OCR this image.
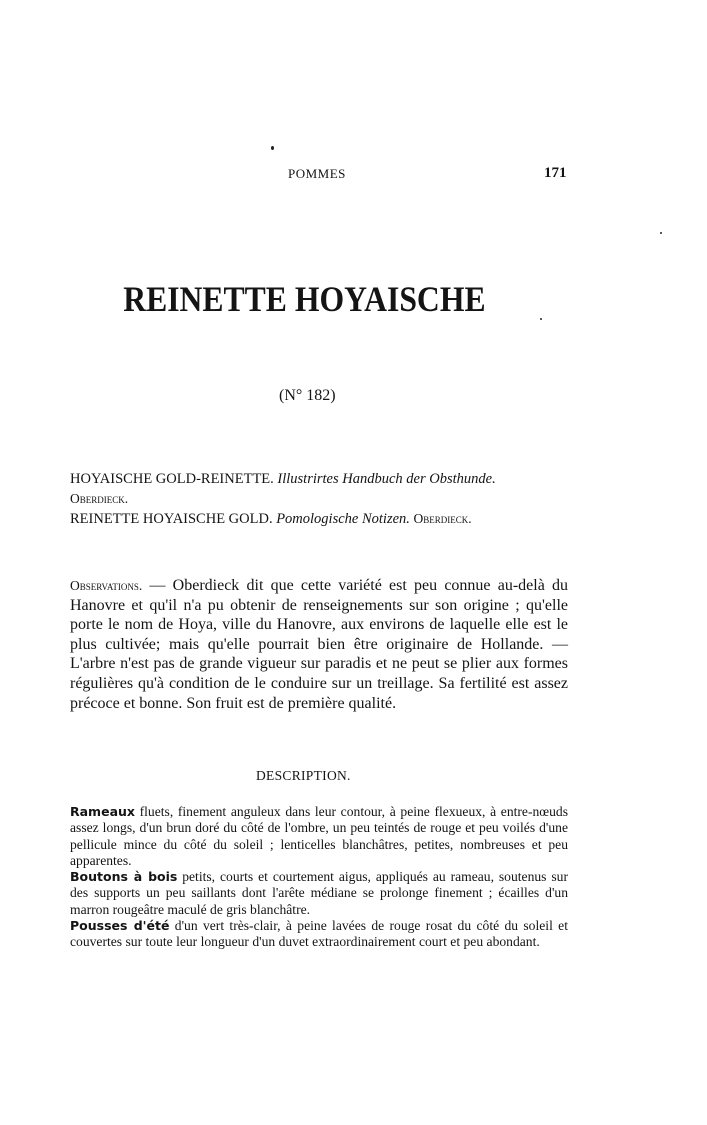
POMMES	171
REINETTE HOYAISCHE
(N° 182)

HOYAISCHE GOLD-REINETTE. Illustrirtes Handbuch der Obsthunde.
Oberdieck.

REINETTE HOYAISCHE GOLD. Pomologische Notizen. Oberdieck.

Observations. — Oberdieck dit que cette variété est peu connue au-delà du Hanovre et qu'il n'a pu obtenir de renseignements sur son origine ; qu'elle porte le nom de Hoya, ville du Hanovre, aux environs de laquelle elle est le plus cultivée; mais qu'elle pourrait bien être originaire de Hollande. — L'arbre n'est pas de grande vigueur sur paradis et ne peut se plier aux formes régulières qu'à condition de le conduire sur un treillage. Sa fertilité est assez précoce et bonne. Son fruit est de première qualité.

DESCRIPTION.

Rameaux fluets, finement anguleux dans leur contour, à peine flexueux, à entre-nœuds assez longs, d'un brun doré du côté de l'ombre, un peu teintés de rouge et peu voilés d'une pellicule mince du côté du soleil ; lenticelles blanchâtres, petites, nombreuses et peu apparentes.

Boutons à bois petits, courts et courtement aigus, appliqués au rameau, soutenus sur des supports un peu saillants dont l'arête médiane se prolonge finement ; écailles d'un marron rougeâtre maculé de gris blanchâtre.

Pousses d'été d'un vert très-clair, à peine lavées de rouge rosat du côté du soleil et couvertes sur toute leur longueur d'un duvet extraordinairement court et peu abondant.
